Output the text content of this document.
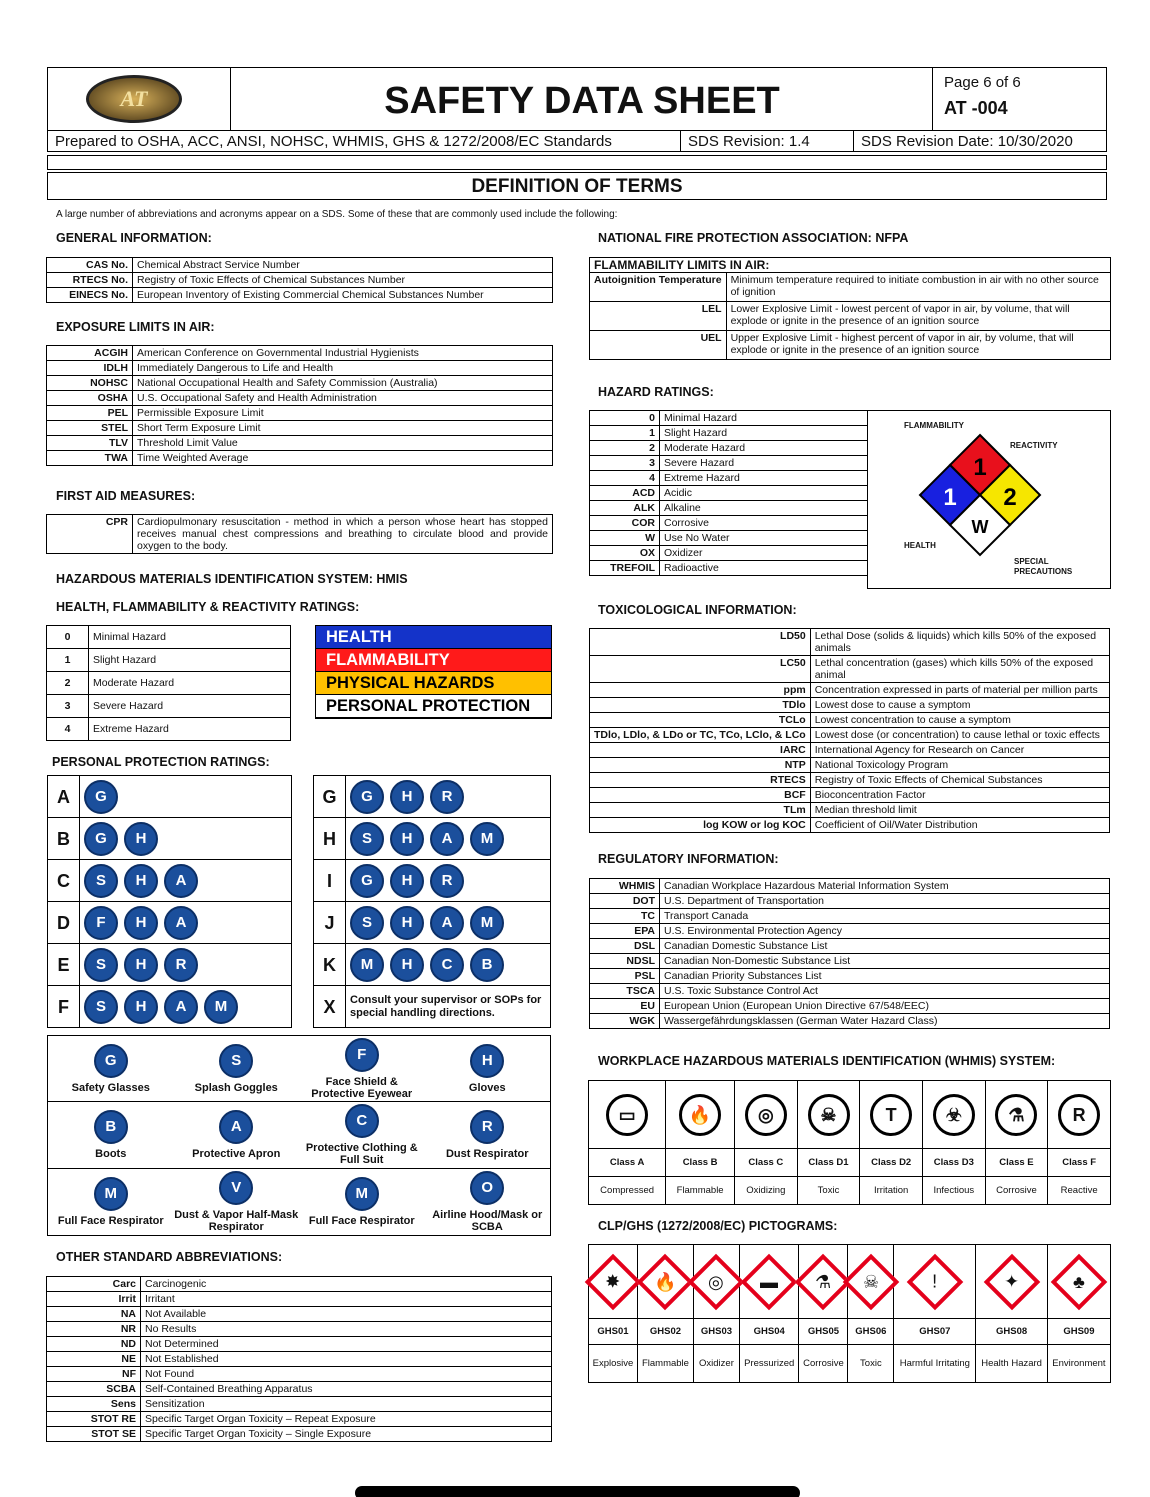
AT	SAFETY DATA SHEET	Page 6 of 6
AT -004
Prepared to OSHA, ACC, ANSI, NOHSC, WHMIS, GHS & 1272/2008/EC Standards	SDS Revision: 1.4	SDS Revision Date: 10/30/2020
DEFINITION OF TERMS
A large number of abbreviations and acronyms appear on a SDS. Some of these that are commonly used include the following:
GENERAL INFORMATION:
CAS No.	Chemical Abstract Service Number
RTECS No.	Registry of Toxic Effects of Chemical Substances Number
EINECS No.	European Inventory of Existing Commercial Chemical Substances Number
EXPOSURE LIMITS IN AIR:
ACGIH	American Conference on Governmental Industrial Hygienists
IDLH	Immediately Dangerous to Life and Health
NOHSC	National Occupational Health and Safety Commission (Australia)
OSHA	U.S. Occupational Safety and Health Administration
PEL	Permissible Exposure Limit
STEL	Short Term Exposure Limit
TLV	Threshold Limit Value
TWA	Time Weighted Average
FIRST AID MEASURES:
CPR	Cardiopulmonary resuscitation - method in which a person whose heart has stopped receives manual chest compressions and breathing to circulate blood and provide oxygen to the body.
HAZARDOUS MATERIALS IDENTIFICATION SYSTEM: HMIS
HEALTH, FLAMMABILITY & REACTIVITY RATINGS:
0	Minimal Hazard
1	Slight Hazard
2	Moderate Hazard
3	Severe Hazard
4	Extreme Hazard
HEALTH
FLAMMABILITY
PHYSICAL HAZARDS
PERSONAL PROTECTION
PERSONAL PROTECTION RATINGS:
A	G
B	G H
C	S H A
D	F H A
E	S H R
F	S H A M
G	G H R
H	S H A M
I	G H R
J	S H A M
K	M H C B
X	Consult your supervisor or SOPs for special handling directions.
G
Safety Glasses
S
Splash Goggles
F
Face Shield & Protective Eyewear
H
Gloves
B
Boots
A
Protective Apron
C
Protective Clothing & Full Suit
R
Dust Respirator
M
Full Face Respirator
V
Dust & Vapor Half-Mask Respirator
M
Full Face Respirator
O
Airline Hood/Mask or SCBA
OTHER STANDARD ABBREVIATIONS:
Carc	Carcinogenic
Irrit	Irritant
NA	Not Available
NR	No Results
ND	Not Determined
NE	Not Established
NF	Not Found
SCBA	Self-Contained Breathing Apparatus
Sens	Sensitization
STOT RE	Specific Target Organ Toxicity – Repeat Exposure
STOT SE	Specific Target Organ Toxicity – Single Exposure
NATIONAL FIRE PROTECTION ASSOCIATION: NFPA
FLAMMABILITY LIMITS IN AIR:	
Autoignition Temperature	Minimum temperature required to initiate combustion in air with no other source of ignition
LEL	Lower Explosive Limit - lowest percent of vapor in air, by volume, that will explode or ignite in the presence of an ignition source
UEL	Upper Explosive Limit - highest percent of vapor in air, by volume, that will explode or ignite in the presence of an ignition source
HAZARD RATINGS:
0	Minimal Hazard
1	Slight Hazard
2	Moderate Hazard
3	Severe Hazard
4	Extreme Hazard
ACD	Acidic
ALK	Alkaline
COR	Corrosive
W	Use No Water
OX	Oxidizer
TREFOIL	Radioactive
FLAMMABILITY
REACTIVITY
HEALTH
SPECIAL PRECAUTIONS
1
1 2
W
TOXICOLOGICAL INFORMATION:
LD50	Lethal Dose (solids & liquids) which kills 50% of the exposed animals
LC50	Lethal concentration (gases) which kills 50% of the exposed animal
ppm	Concentration expressed in parts of material per million parts
TDlo	Lowest dose to cause a symptom
TCLo	Lowest concentration to cause a symptom
TDlo, LDlo, & LDo or TC, TCo, LClo, & LCo	Lowest dose (or concentration) to cause lethal or toxic effects
IARC	International Agency for Research on Cancer
NTP	National Toxicology Program
RTECS	Registry of Toxic Effects of Chemical Substances
BCF	Bioconcentration Factor
TLm	Median threshold limit
log KOW or log KOC	Coefficient of Oil/Water Distribution
REGULATORY INFORMATION:
WHMIS	Canadian Workplace Hazardous Material Information System
DOT	U.S. Department of Transportation
TC	Transport Canada
EPA	U.S. Environmental Protection Agency
DSL	Canadian Domestic Substance List
NDSL	Canadian Non-Domestic Substance List
PSL	Canadian Priority Substances List
TSCA	U.S. Toxic Substance Control Act
EU	European Union (European Union Directive 67/548/EEC)
WGK	Wassergefährdungsklassen (German Water Hazard Class)
WORKPLACE HAZARDOUS MATERIALS IDENTIFICATION (WHMIS) SYSTEM:
▭	🔥	◎	☠	T	☣	⚗	R
Class A	Class B	Class C	Class D1	Class D2	Class D3	Class E	Class F
Compressed	Flammable	Oxidizing	Toxic	Irritation	Infectious	Corrosive	Reactive
CLP/GHS (1272/2008/EC) PICTOGRAMS:
✸	🔥	◎	▬	⚗	☠	!	✦	♣

GHS01	GHS02	GHS03	GHS04	GHS05	GHS06	GHS07	GHS08	GHS09
Explosive	Flammable	Oxidizer	Pressurized	Corrosive	Toxic	Harmful Irritating	Health Hazard	Environment
